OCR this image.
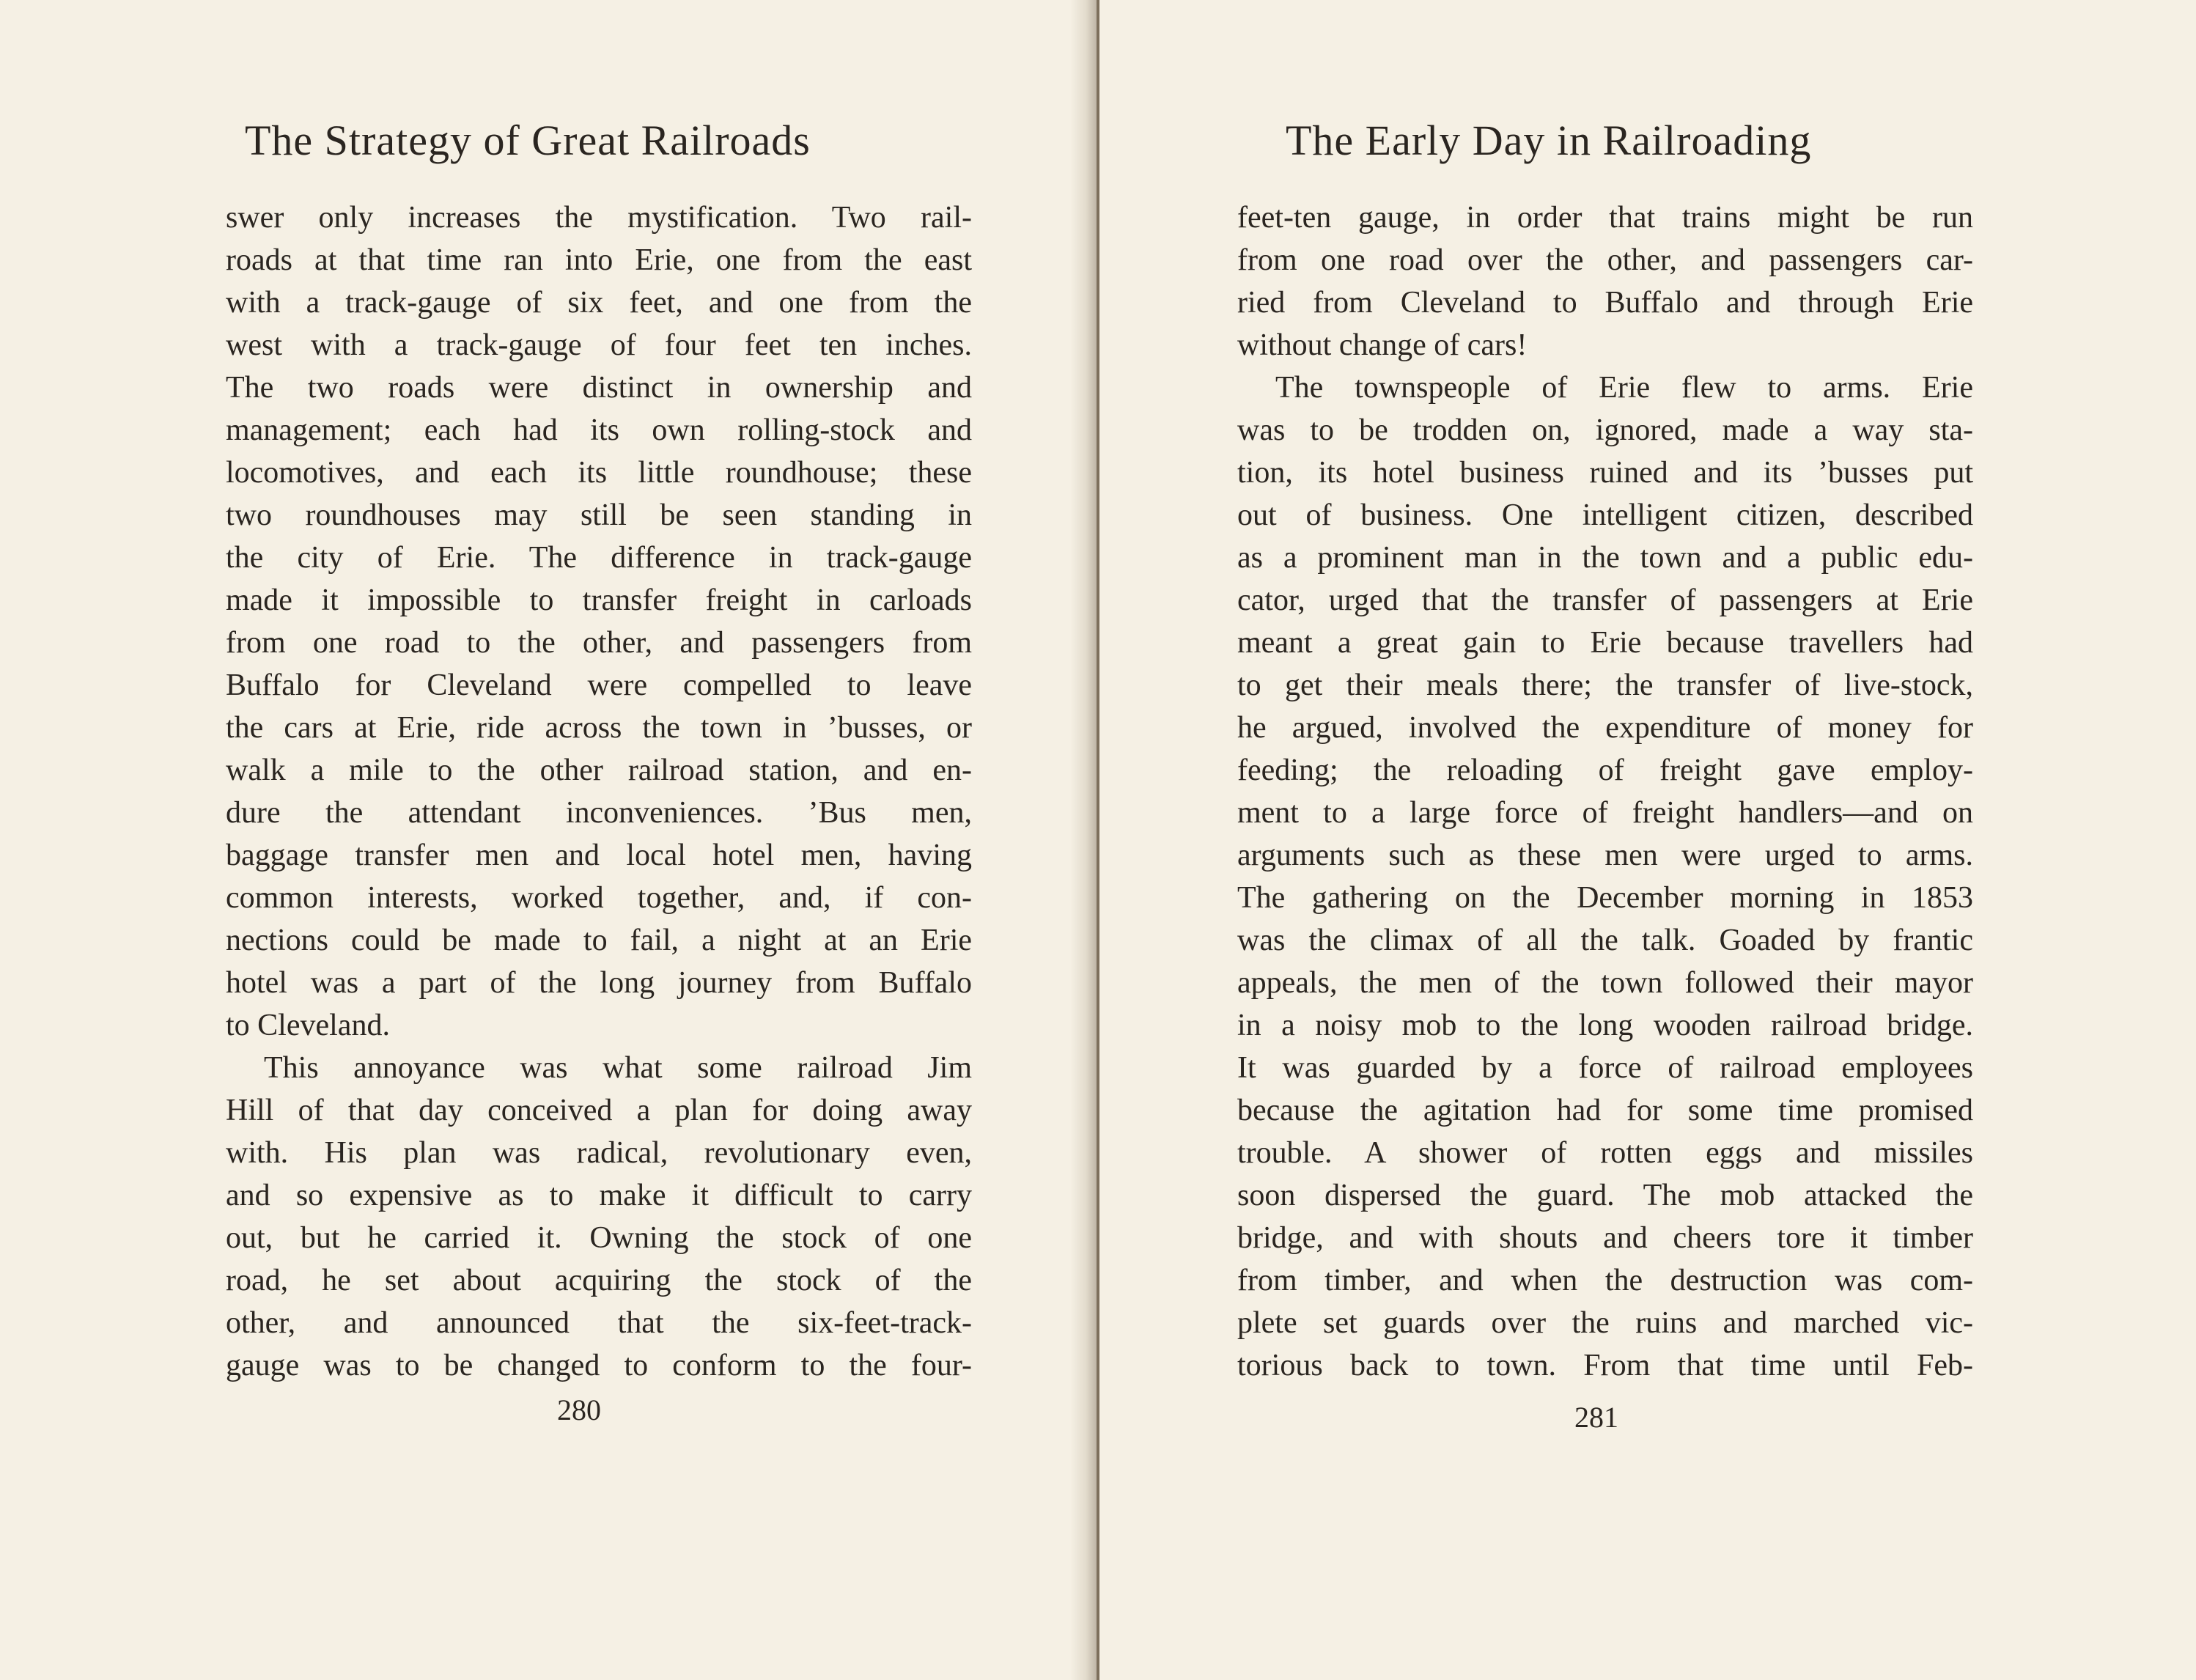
The Strategy of Great Railroads
swer only increases the mystification. Two rail-
roads at that time ran into Erie, one from the east
with a track-gauge of six feet, and one from the
west with a track-gauge of four feet ten inches.
The two roads were distinct in ownership and
management; each had its own rolling-stock and
locomotives, and each its little roundhouse; these
two roundhouses may still be seen standing in
the city of Erie. The difference in track-gauge
made it impossible to transfer freight in carloads
from one road to the other, and passengers from
Buffalo for Cleveland were compelled to leave
the cars at Erie, ride across the town in ’busses, or
walk a mile to the other railroad station, and en-
dure the attendant inconveniences. ’Bus men,
baggage transfer men and local hotel men, having
common interests, worked together, and, if con-
nections could be made to fail, a night at an Erie
hotel was a part of the long journey from Buffalo
to Cleveland.
This annoyance was what some railroad Jim
Hill of that day conceived a plan for doing away
with. His plan was radical, revolutionary even,
and so expensive as to make it difficult to carry
out, but he carried it. Owning the stock of one
road, he set about acquiring the stock of the
other, and announced that the six-feet-track-
gauge was to be changed to conform to the four-
280
The Early Day in Railroading
feet-ten gauge, in order that trains might be run
from one road over the other, and passengers car-
ried from Cleveland to Buffalo and through Erie
without change of cars!
The townspeople of Erie flew to arms. Erie
was to be trodden on, ignored, made a way sta-
tion, its hotel business ruined and its ’busses put
out of business. One intelligent citizen, described
as a prominent man in the town and a public edu-
cator, urged that the transfer of passengers at Erie
meant a great gain to Erie because travellers had
to get their meals there; the transfer of live-stock,
he argued, involved the expenditure of money for
feeding; the reloading of freight gave employ-
ment to a large force of freight handlers—and on
arguments such as these men were urged to arms.
The gathering on the December morning in 1853
was the climax of all the talk. Goaded by frantic
appeals, the men of the town followed their mayor
in a noisy mob to the long wooden railroad bridge.
It was guarded by a force of railroad employees
because the agitation had for some time promised
trouble. A shower of rotten eggs and missiles
soon dispersed the guard. The mob attacked the
bridge, and with shouts and cheers tore it timber
from timber, and when the destruction was com-
plete set guards over the ruins and marched vic-
torious back to town. From that time until Feb-
281
